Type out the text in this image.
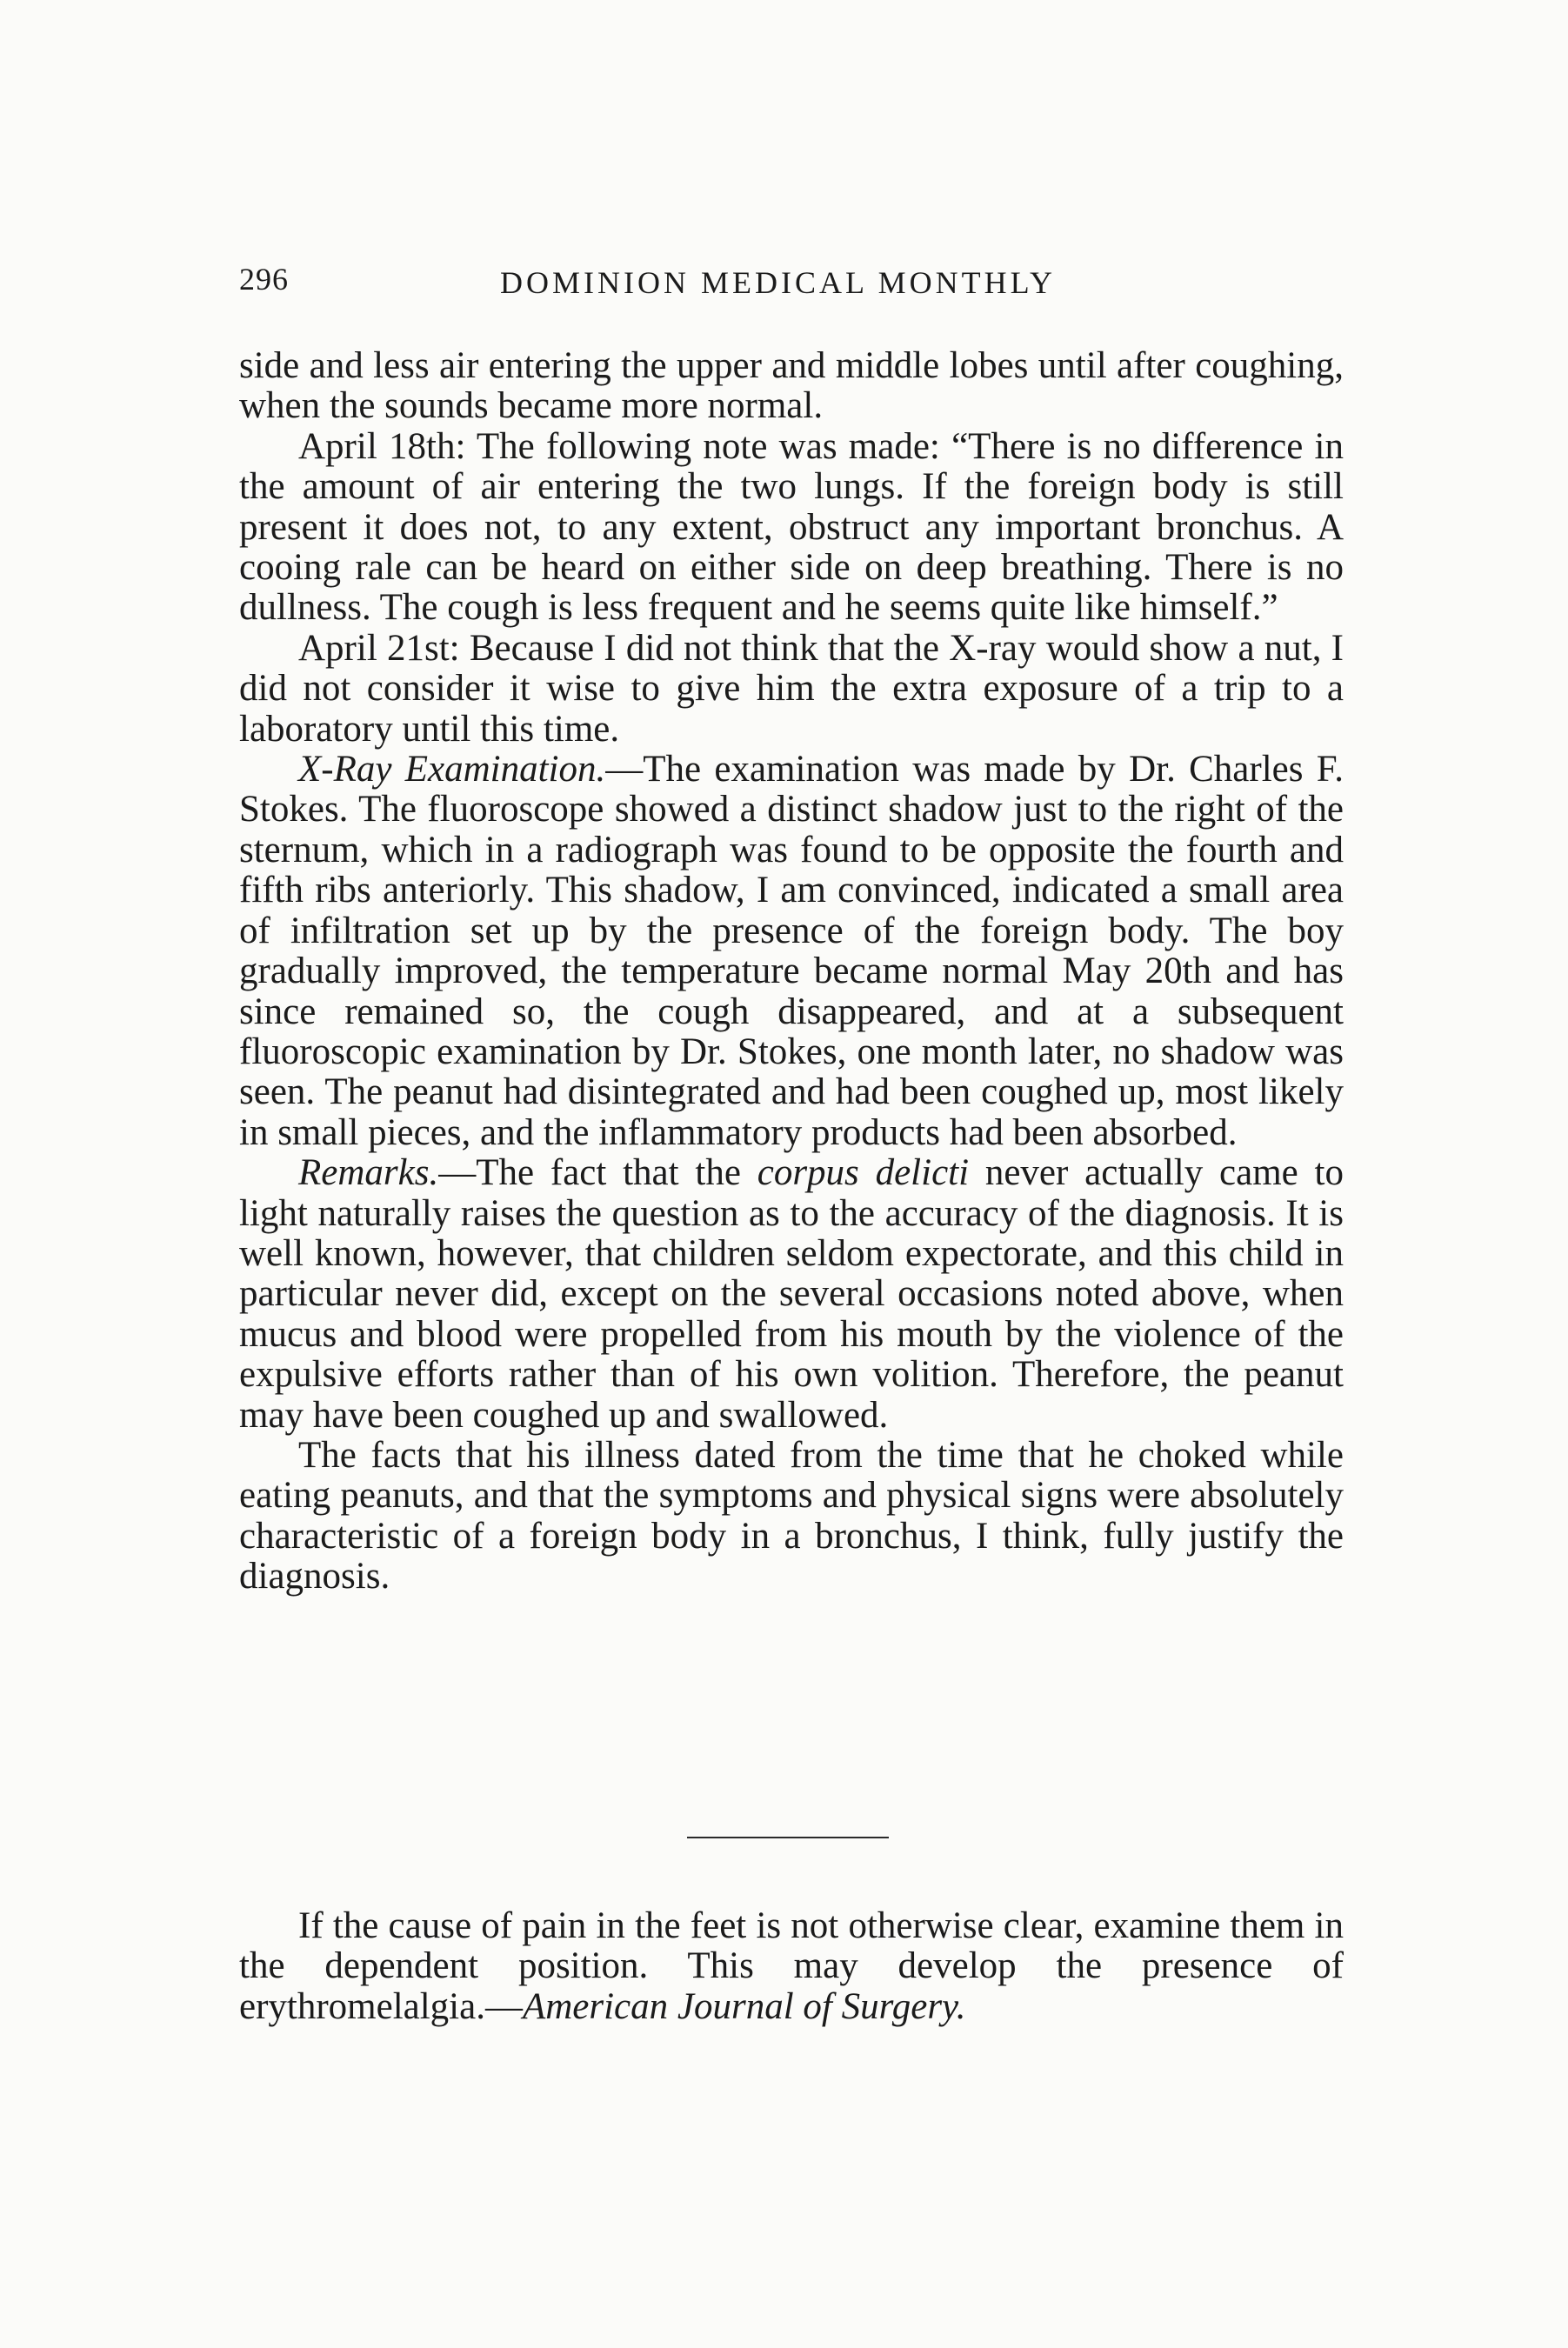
296	DOMINION MEDICAL MONTHLY

side and less air entering the upper and middle lobes until after coughing, when the sounds became more normal.

April 18th: The following note was made: “There is no difference in the amount of air entering the two lungs. If the foreign body is still present it does not, to any extent, obstruct any important bronchus. A cooing rale can be heard on either side on deep breathing. There is no dullness. The cough is less frequent and he seems quite like himself.”

April 21st: Because I did not think that the X-ray would show a nut, I did not consider it wise to give him the extra exposure of a trip to a laboratory until this time.

X-Ray Examination.—The examination was made by Dr. Charles F. Stokes. The fluoroscope showed a distinct shadow just to the right of the sternum, which in a radiograph was found to be opposite the fourth and fifth ribs anteriorly. This shadow, I am convinced, indicated a small area of infiltration set up by the presence of the foreign body. The boy gradually improved, the temperature became normal May 20th and has since remained so, the cough disappeared, and at a subsequent fluoroscopic examination by Dr. Stokes, one month later, no shadow was seen. The peanut had disintegrated and had been coughed up, most likely in small pieces, and the inflammatory products had been absorbed.

Remarks.—The fact that the corpus delicti never actually came to light naturally raises the question as to the accuracy of the diagnosis. It is well known, however, that children seldom expectorate, and this child in particular never did, except on the several occasions noted above, when mucus and blood were propelled from his mouth by the violence of the expulsive efforts rather than of his own volition. Therefore, the peanut may have been coughed up and swallowed.

The facts that his illness dated from the time that he choked while eating peanuts, and that the symptoms and physical signs were absolutely characteristic of a foreign body in a bronchus, I think, fully justify the diagnosis.

If the cause of pain in the feet is not otherwise clear, examine them in the dependent position. This may develop the presence of erythromelalgia.—American Journal of Surgery.
